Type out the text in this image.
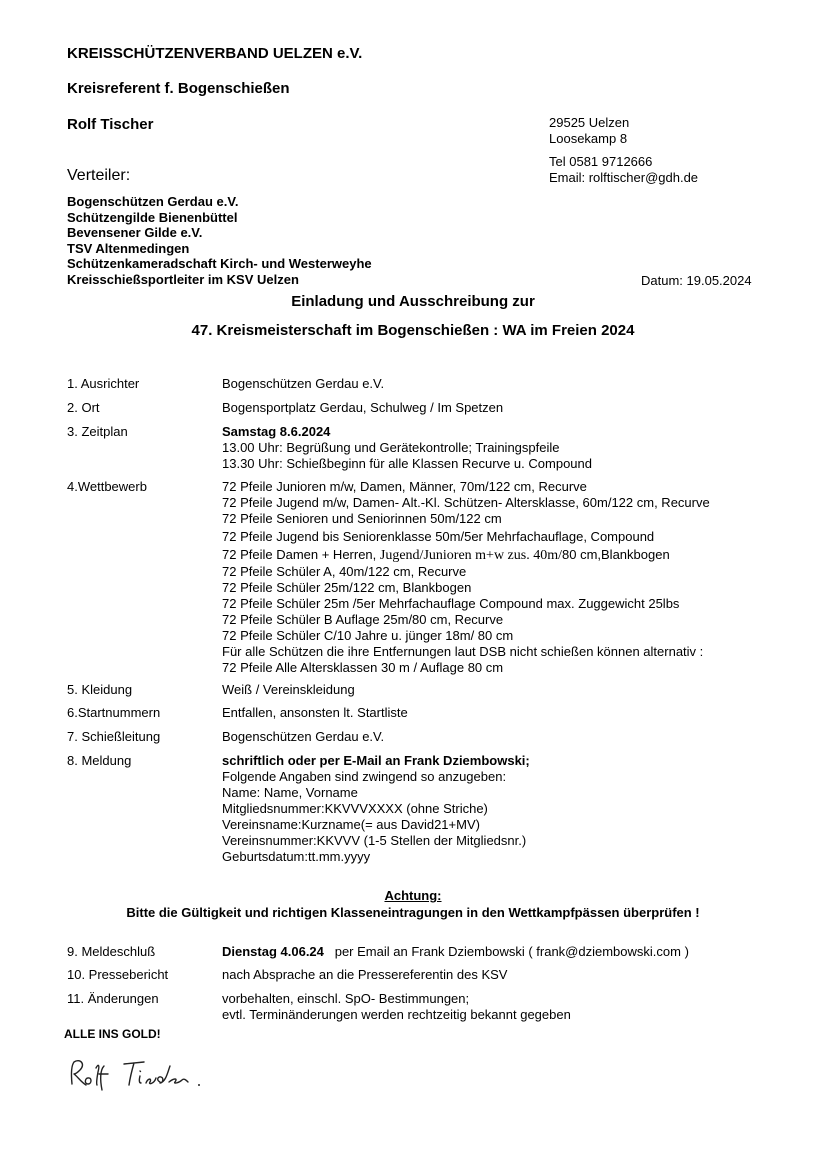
KREISSCHÜTZENVERBAND UELZEN e.V.
Kreisreferent f. Bogenschießen
Rolf Tischer	29525 Uelzen
Loosekamp 8
Tel 0581 9712666
Email: rolftischer@gdh.de
Verteiler:
Bogenschützen Gerdau e.V.
Schützengilde Bienenbüttel
Bevensener Gilde e.V.
TSV Altenmedingen
Schützenkameradschaft Kirch- und Westerweyhe
Kreisschießsportleiter im KSV Uelzen	Datum: 19.05.2024
Einladung und Ausschreibung zur
47. Kreismeisterschaft im Bogenschießen : WA im Freien 2024
1. Ausrichter	Bogenschützen Gerdau e.V.
2. Ort	Bogensportplatz Gerdau, Schulweg / Im Spetzen
3. Zeitplan	Samstag 8.6.2024
13.00 Uhr: Begrüßung und Gerätekontrolle; Trainingspfeile
13.30 Uhr: Schießbeginn für alle Klassen Recurve u. Compound
4.Wettbewerb	72 Pfeile Junioren m/w, Damen, Männer, 70m/122 cm, Recurve
72 Pfeile Jugend m/w, Damen- Alt.-Kl. Schützen- Altersklasse, 60m/122 cm, Recurve
72 Pfeile Senioren und Seniorinnen 50m/122 cm
72 Pfeile Jugend bis Seniorenklasse 50m/5er Mehrfachauflage, Compound
72 Pfeile Damen + Herren, Jugend/Junioren m+w zus. 40m/80 cm,Blankbogen
72 Pfeile Schüler A, 40m/122 cm, Recurve
72 Pfeile Schüler 25m/122 cm, Blankbogen
72 Pfeile Schüler 25m /5er Mehrfachauflage Compound max. Zuggewicht 25lbs
72 Pfeile Schüler B Auflage 25m/80 cm, Recurve
72 Pfeile Schüler C/10 Jahre u. jünger 18m/ 80 cm
Für alle Schützen die ihre Entfernungen laut DSB nicht schießen können alternativ :
72 Pfeile Alle Altersklassen 30 m / Auflage 80 cm
5. Kleidung	Weiß / Vereinskleidung
6.Startnummern	Entfallen, ansonsten lt. Startliste
7. Schießleitung	Bogenschützen Gerdau e.V.
8. Meldung	schriftlich oder per E-Mail an Frank Dziembowski;
Folgende Angaben sind zwingend so anzugeben:
Name: Name, Vorname
Mitgliedsnummer:KKVVVXXXX (ohne Striche)
Vereinsname:Kurzname(= aus David21+MV)
Vereinsnummer:KKVVV (1-5 Stellen der Mitgliedsnr.)
Geburtsdatum:tt.mm.yyyy
Achtung:
Bitte die Gültigkeit und richtigen Klasseneintragungen in den Wettkampfpässen überprüfen !
9. Meldeschluß	Dienstag 4.06.24   per Email an Frank Dziembowski ( frank@dziembowski.com )
10. Pressebericht	nach Absprache an die Pressereferentin des KSV
11. Änderungen	vorbehalten, einschl. SpO- Bestimmungen;
evtl. Terminänderungen werden rechtzeitig bekannt gegeben
ALLE INS GOLD!
